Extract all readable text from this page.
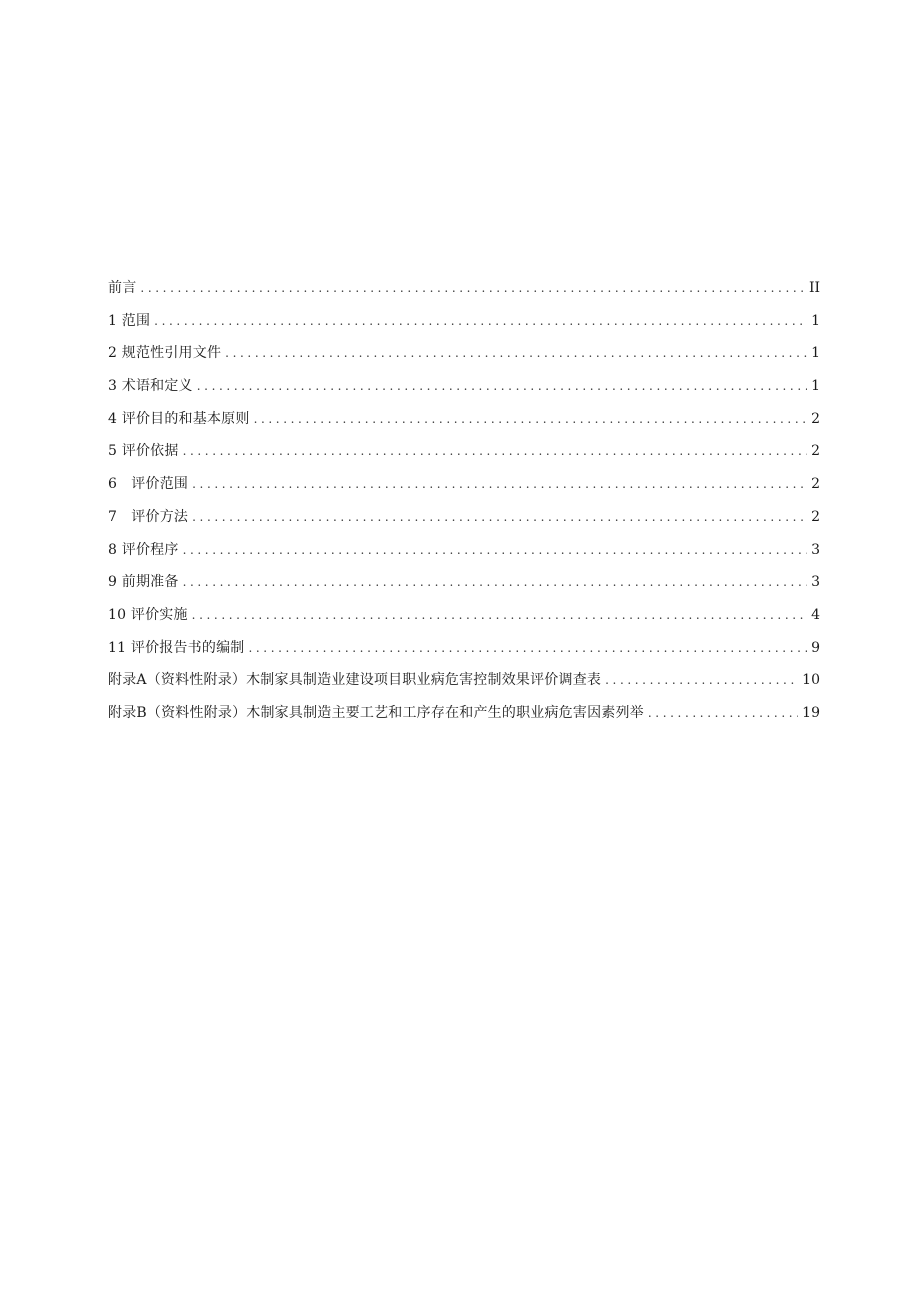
前言 .....	II
1 范围 .....	1
2 规范性引用文件 .....	1
3 术语和定义 .....	1
4 评价目的和基本原则 .....	2
5 评价依据 .....	2
6　评价范围 .....	2
7　评价方法 .....	2
8 评价程序 .....	3
9 前期准备 .....	3
10 评价实施 .....	4
11 评价报告书的编制 .....	9
附录A（资料性附录）木制家具制造业建设项目职业病危害控制效果评价调查表 .....	10
附录B（资料性附录）木制家具制造主要工艺和工序存在和产生的职业病危害因素列举 .....	19
